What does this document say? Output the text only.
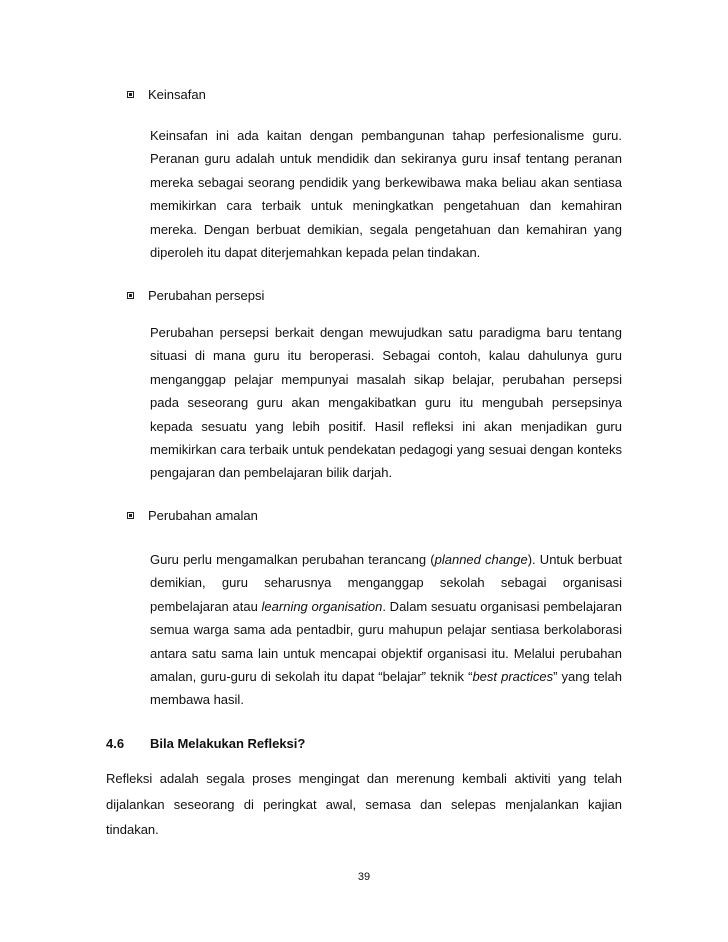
Keinsafan

Keinsafan ini ada kaitan dengan pembangunan tahap perfesionalisme guru. Peranan guru adalah untuk mendidik dan sekiranya guru insaf tentang peranan mereka sebagai seorang pendidik yang berkewibawa maka beliau akan sentiasa memikirkan cara terbaik untuk meningkatkan pengetahuan dan kemahiran mereka. Dengan berbuat demikian, segala pengetahuan dan kemahiran yang diperoleh itu dapat diterjemahkan kepada pelan tindakan.

Perubahan persepsi

Perubahan persepsi berkait dengan mewujudkan satu paradigma baru tentang situasi di mana guru itu beroperasi. Sebagai contoh, kalau dahulunya guru menganggap pelajar mempunyai masalah sikap belajar, perubahan persepsi pada seseorang guru akan mengakibatkan guru itu mengubah persepsinya kepada sesuatu yang lebih positif. Hasil refleksi ini akan menjadikan guru memikirkan cara terbaik untuk pendekatan pedagogi yang sesuai dengan konteks pengajaran dan pembelajaran bilik darjah.

Perubahan amalan

Guru perlu mengamalkan perubahan terancang (planned change). Untuk berbuat demikian, guru seharusnya menganggap sekolah sebagai organisasi pembelajaran atau learning organisation. Dalam sesuatu organisasi pembelajaran semua warga sama ada pentadbir, guru mahupun pelajar sentiasa berkolaborasi antara satu sama lain untuk mencapai objektif organisasi itu. Melalui perubahan amalan, guru-guru di sekolah itu dapat “belajar” teknik “best practices” yang telah membawa hasil.

4.6 Bila Melakukan Refleksi?

Refleksi adalah segala proses mengingat dan merenung kembali aktiviti yang telah dijalankan seseorang di peringkat awal, semasa dan selepas menjalankan kajian tindakan.

39
